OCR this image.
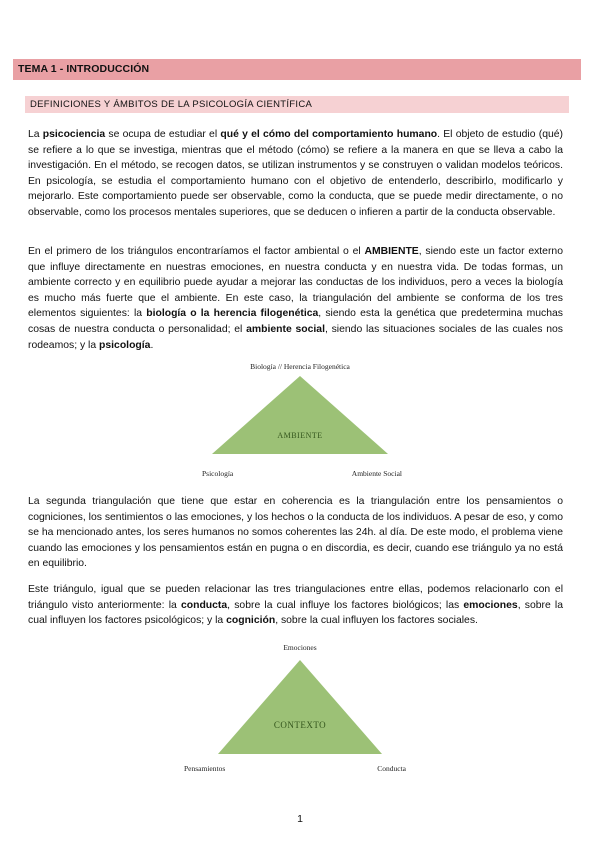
TEMA 1 - INTRODUCCIÓN
DEFINICIONES Y ÁMBITOS DE LA PSICOLOGÍA CIENTÍFICA

La psicociencia se ocupa de estudiar el qué y el cómo del comportamiento humano. El objeto de estudio (qué) se refiere a lo que se investiga, mientras que el método (cómo) se refiere a la manera en que se lleva a cabo la investigación. En el método, se recogen datos, se utilizan instrumentos y se construyen o validan modelos teóricos. En psicología, se estudia el comportamiento humano con el objetivo de entenderlo, describirlo, modificarlo y mejorarlo. Este comportamiento puede ser observable, como la conducta, que se puede medir directamente, o no observable, como los procesos mentales superiores, que se deducen o infieren a partir de la conducta observable.

En el primero de los triángulos encontraríamos el factor ambiental o el AMBIENTE, siendo este un factor externo que influye directamente en nuestras emociones, en nuestra conducta y en nuestra vida. De todas formas, un ambiente correcto y en equilibrio puede ayudar a mejorar las conductas de los individuos, pero a veces la biología es mucho más fuerte que el ambiente. En este caso, la triangulación del ambiente se conforma de los tres elementos siguientes: la biología o la herencia filogenética, siendo esta la genética que predetermina muchas cosas de nuestra conducta o personalidad; el ambiente social, siendo las situaciones sociales de las cuales nos rodeamos; y la psicología.

Biología // Herencia Filogenética
AMBIENTE
Psicología	Ambiente Social

La segunda triangulación que tiene que estar en coherencia es la triangulación entre los pensamientos o cogniciones, los sentimientos o las emociones, y los hechos o la conducta de los individuos. A pesar de eso, y como se ha mencionado antes, los seres humanos no somos coherentes las 24h. al día. De este modo, el problema viene cuando las emociones y los pensamientos están en pugna o en discordia, es decir, cuando ese triángulo ya no está en equilibrio.

Este triángulo, igual que se pueden relacionar las tres triangulaciones entre ellas, podemos relacionarlo con el triángulo visto anteriormente: la conducta, sobre la cual influye los factores biológicos; las emociones, sobre la cual influyen los factores psicológicos; y la cognición, sobre la cual influyen los factores sociales.

Emociones
CONTEXTO
Pensamientos	Conducta
1
